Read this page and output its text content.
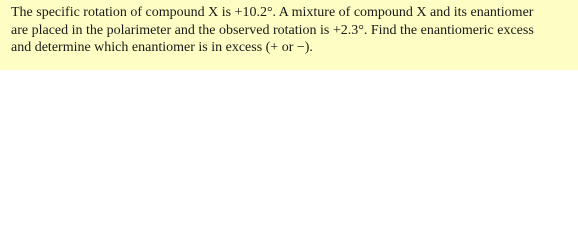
The specific rotation of compound X is +10.2°. A mixture of compound X and its enantiomer
are placed in the polarimeter and the observed rotation is +2.3°. Find the enantiomeric excess
and determine which enantiomer is in excess (+ or −).
